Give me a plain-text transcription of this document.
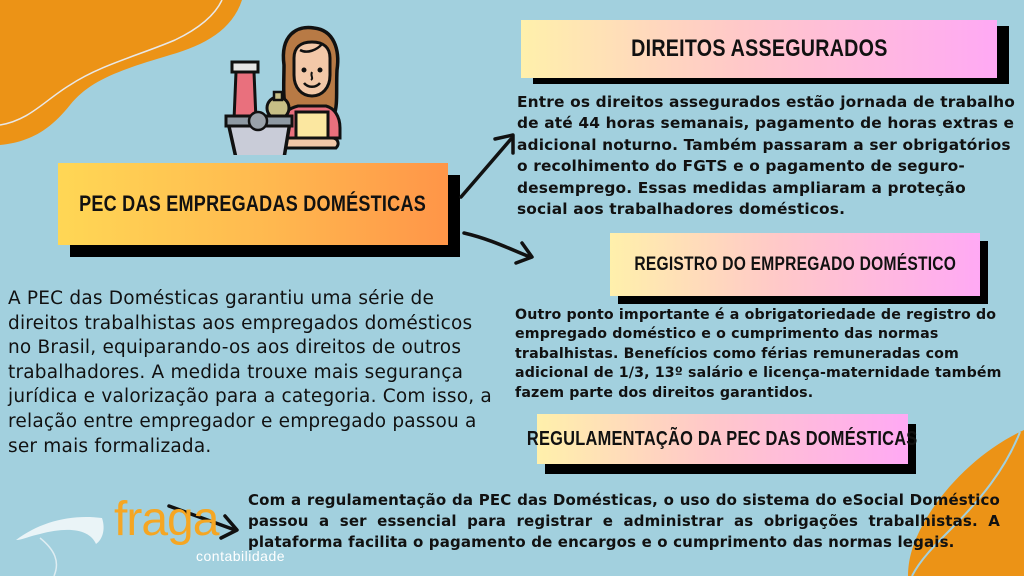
PEC DAS EMPREGADAS DOMÉSTICAS

A PEC das Domésticas garantiu uma série de direitos trabalhistas aos empregados domésticos no Brasil, equiparando-os aos direitos de outros trabalhadores. A medida trouxe mais segurança jurídica e valorização para a categoria. Com isso, a relação entre empregador e empregado passou a ser mais formalizada.

DIREITOS ASSEGURADOS

Entre os direitos assegurados estão jornada de trabalho de até 44 horas semanais, pagamento de horas extras e adicional noturno. Também passaram a ser obrigatórios o recolhimento do FGTS e o pagamento de seguro-desemprego. Essas medidas ampliaram a proteção social aos trabalhadores domésticos.

REGISTRO DO EMPREGADO DOMÉSTICO

Outro ponto importante é a obrigatoriedade de registro do empregado doméstico e o cumprimento das normas trabalhistas. Benefícios como férias remuneradas com adicional de 1/3, 13º salário e licença-maternidade também fazem parte dos direitos garantidos.

REGULAMENTAÇÃO DA PEC DAS DOMÉSTICAS

Com a regulamentação da PEC das Domésticas, o uso do sistema do eSocial Doméstico passou a ser essencial para registrar e administrar as obrigações trabalhistas. A plataforma facilita o pagamento de encargos e o cumprimento das normas legais.

fraga
contabilidade
